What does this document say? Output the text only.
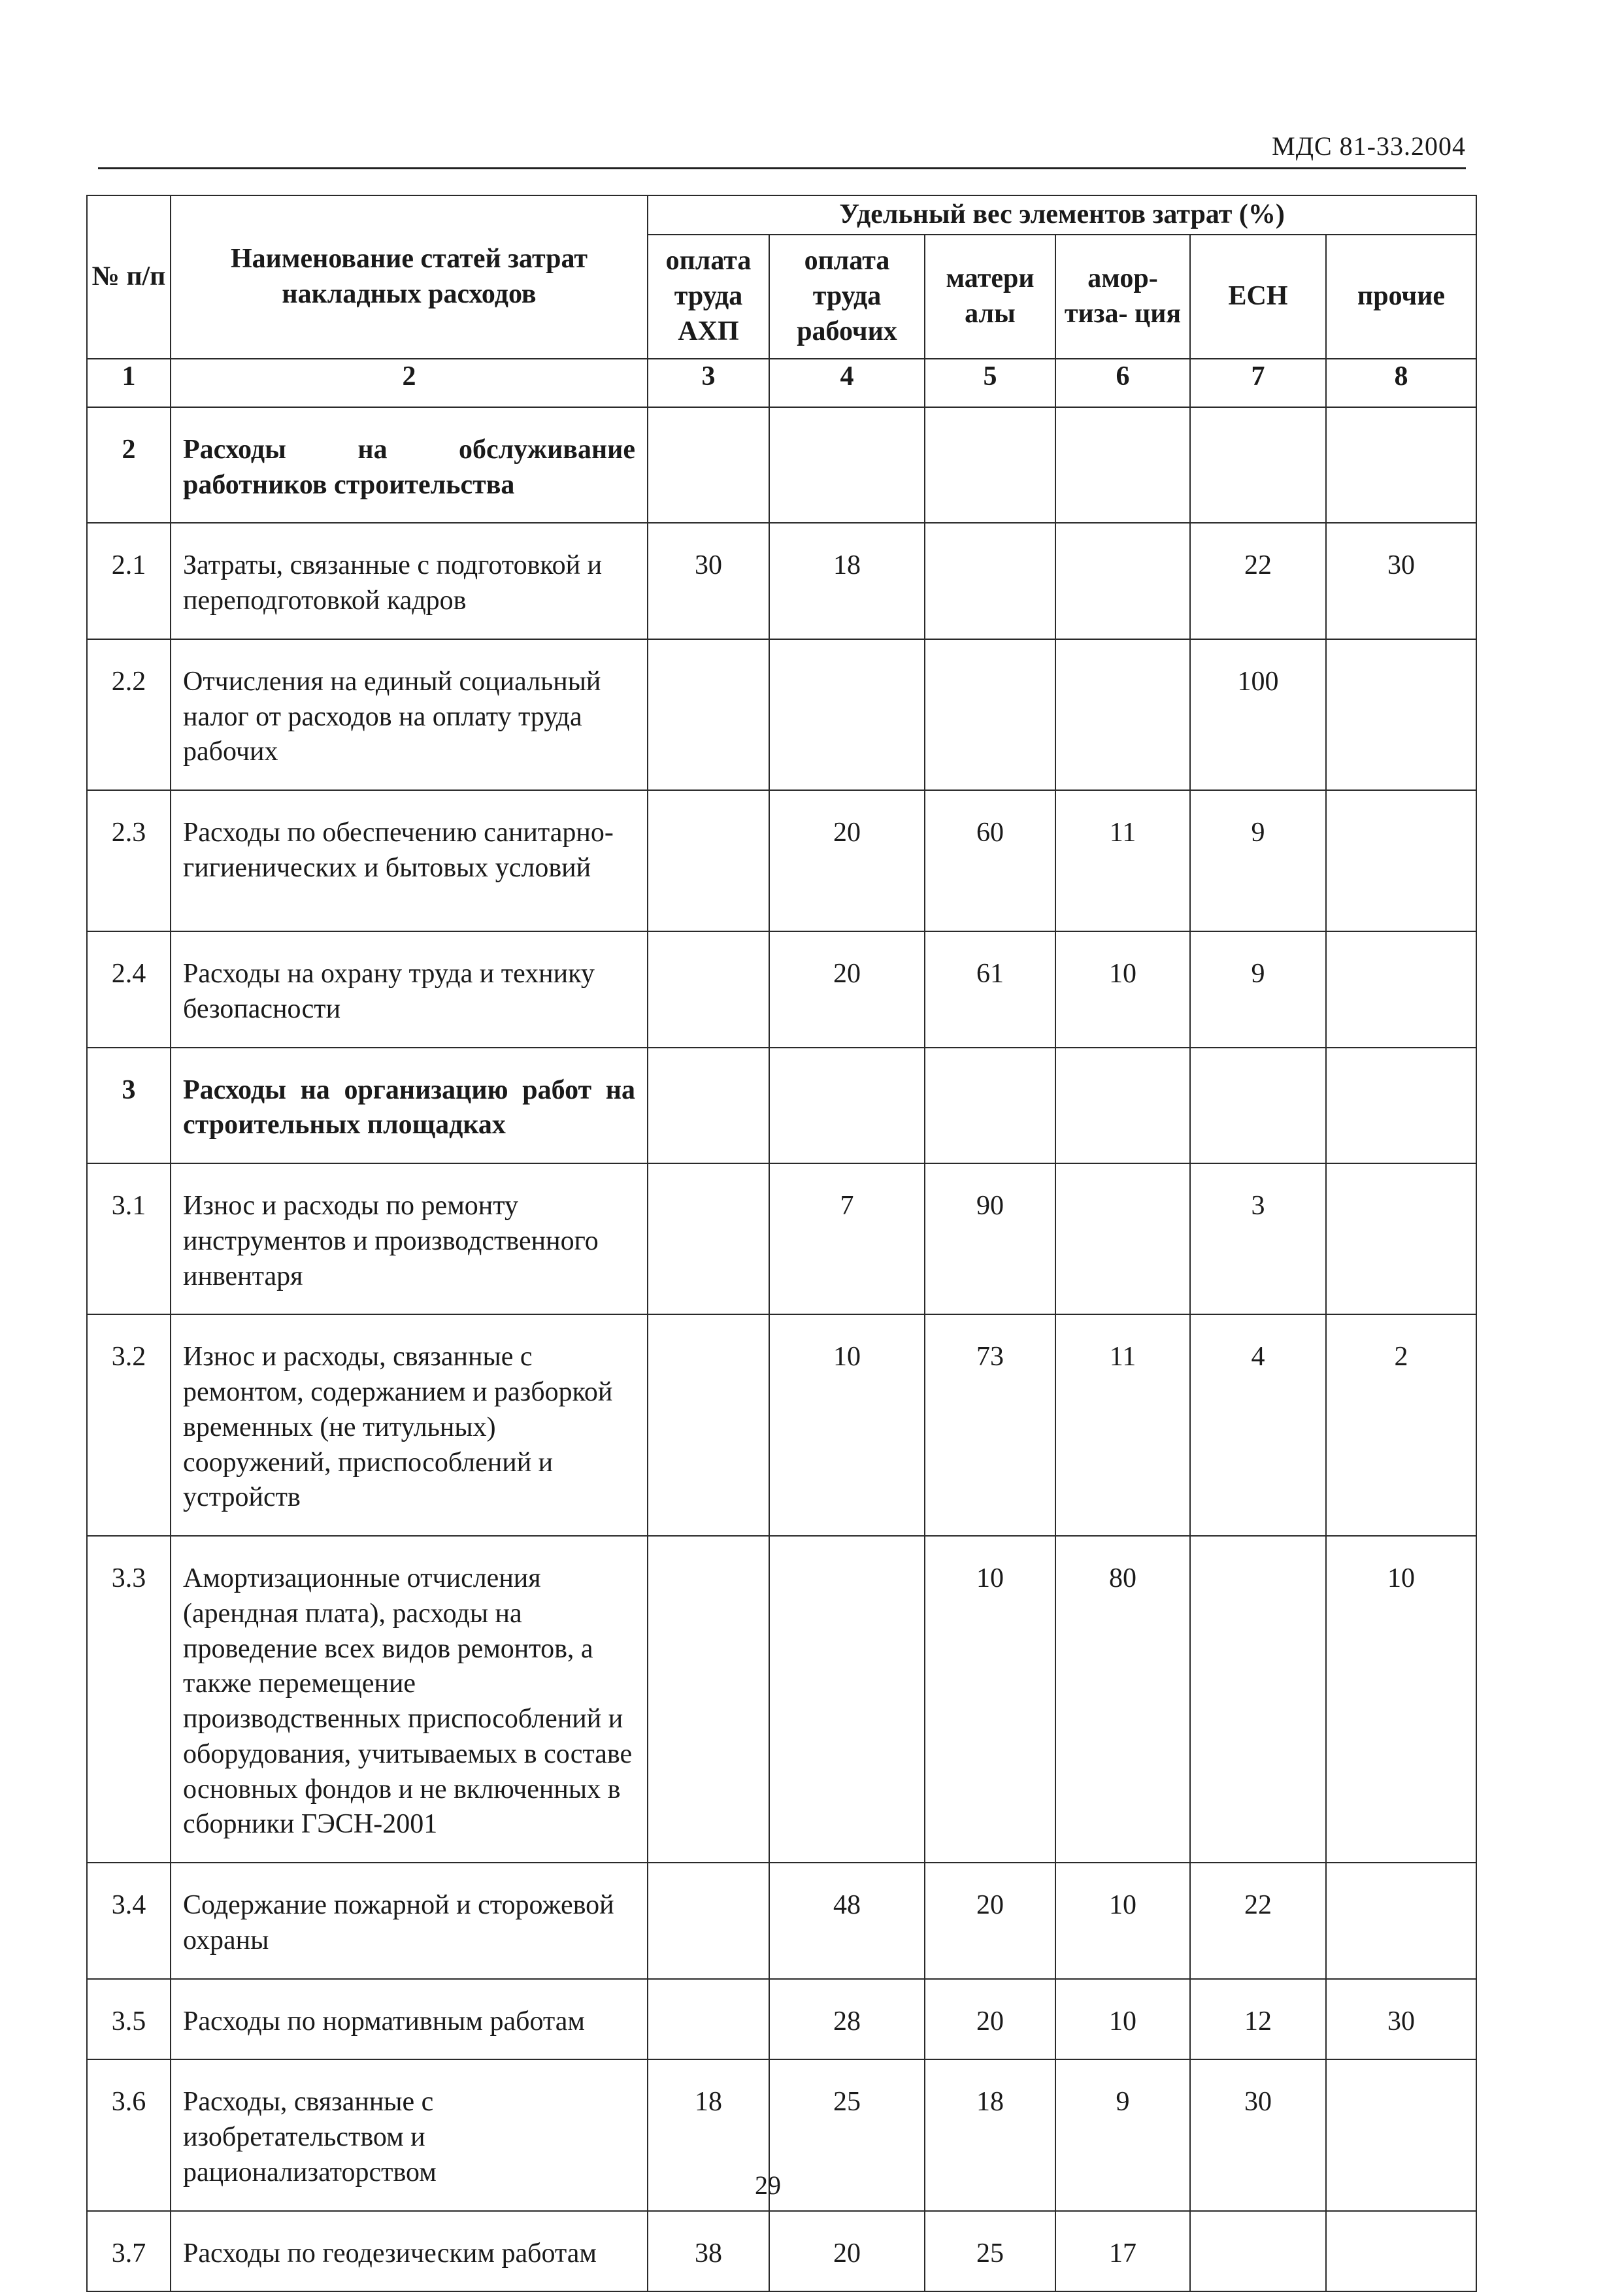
МДС 81-33.2004
№ п/п	Наименование статей затрат накладных расходов	Удельный вес элементов затрат (%)					
		оплата труда АХП	оплата труда рабочих	матери алы	амор- тиза- ция	ЕСН	прочие
1	2	3	4	5	6	7	8
2	Расходы на обслуживание работников строительства						
2.1	Затраты, связанные с подготовкой и переподготовкой кадров	30	18			22	30
2.2	Отчисления на единый социальный налог от расходов на оплату труда рабочих					100	
2.3	Расходы по обеспечению санитарно-гигиенических и бытовых условий		20	60	11	9	
2.4	Расходы на охрану труда и технику безопасности		20	61	10	9	
3	Расходы на организацию работ на строительных площадках						
3.1	Износ и расходы по ремонту инструментов и производственного инвентаря		7	90		3	
3.2	Износ и расходы, связанные с ремонтом, содержанием и разборкой временных (не титульных) сооружений, приспособлений и устройств		10	73	11	4	2
3.3	Амортизационные отчисления (арендная плата), расходы на проведение всех видов ремонтов, а также перемещение производственных приспособлений и оборудования, учитываемых в составе основных фондов и не включенных в сборники ГЭСН-2001			10	80		10
3.4	Содержание пожарной и сторожевой охраны		48	20	10	22	
3.5	Расходы по нормативным работам		28	20	10	12	30
3.6	Расходы, связанные с изобретательством и рационализаторством	18	25	18	9	30	
3.7	Расходы по геодезическим работам	38	20	25	17		
29
